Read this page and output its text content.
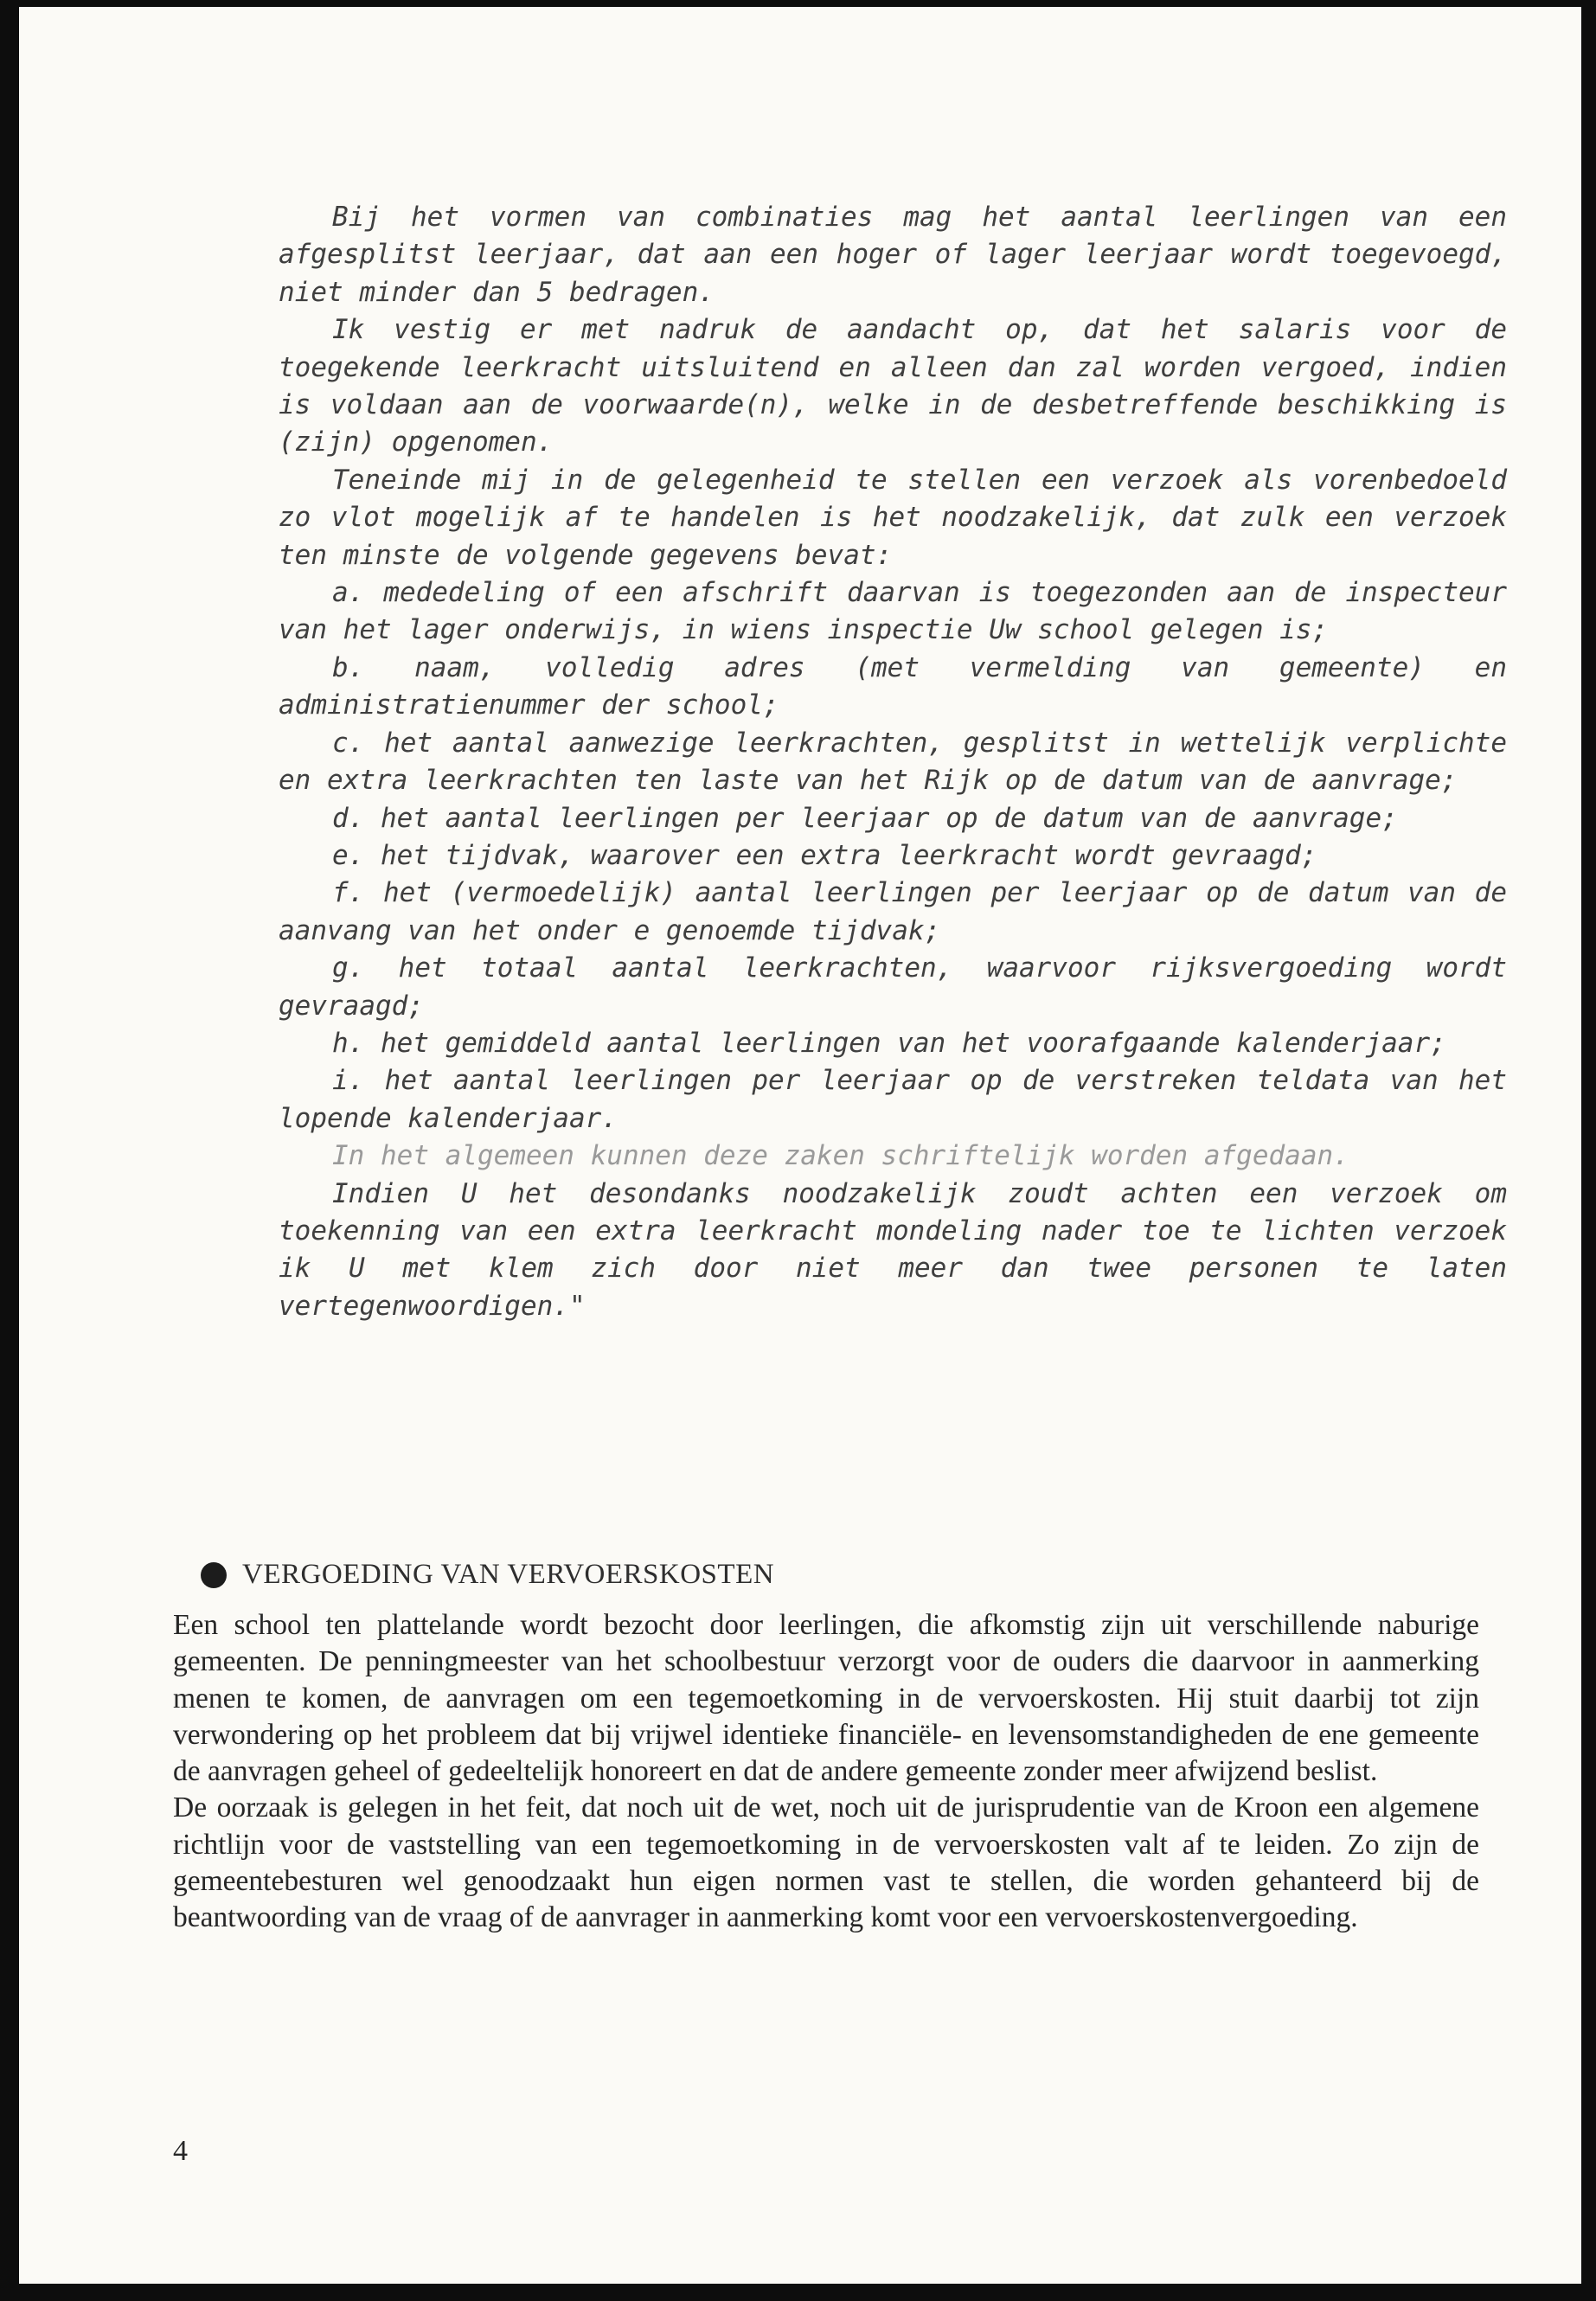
Bij het vormen van combinaties mag het aantal leerlingen van een afgesplitst leerjaar, dat aan een hoger of lager leerjaar wordt toegevoegd, niet minder dan 5 bedragen.

Ik vestig er met nadruk de aandacht op, dat het salaris voor de toegekende leerkracht uitsluitend en alleen dan zal worden vergoed, indien is voldaan aan de voorwaarde(n), welke in de desbetreffende beschikking is (zijn) opgenomen.

Teneinde mij in de gelegenheid te stellen een verzoek als vorenbedoeld zo vlot mogelijk af te handelen is het noodzakelijk, dat zulk een verzoek ten minste de volgende gegevens bevat:

a. mededeling of een afschrift daarvan is toegezonden aan de inspecteur van het lager onderwijs, in wiens inspectie Uw school gelegen is;

b. naam, volledig adres (met vermelding van gemeente) en administratienummer der school;

c. het aantal aanwezige leerkrachten, gesplitst in wettelijk verplichte en extra leerkrachten ten laste van het Rijk op de datum van de aanvrage;

d. het aantal leerlingen per leerjaar op de datum van de aanvrage;

e. het tijdvak, waarover een extra leerkracht wordt gevraagd;

f. het (vermoedelijk) aantal leerlingen per leerjaar op de datum van de aanvang van het onder e genoemde tijdvak;

g. het totaal aantal leerkrachten, waarvoor rijksvergoeding wordt gevraagd;

h. het gemiddeld aantal leerlingen van het voorafgaande kalenderjaar;

i. het aantal leerlingen per leerjaar op de verstreken teldata van het lopende kalenderjaar.

In het algemeen kunnen deze zaken schriftelijk worden afgedaan.

Indien U het desondanks noodzakelijk zoudt achten een verzoek om toekenning van een extra leerkracht mondeling nader toe te lichten verzoek ik U met klem zich door niet meer dan twee personen te laten vertegenwoordigen."

VERGOEDING VAN VERVOERSKOSTEN

Een school ten plattelande wordt bezocht door leerlingen, die afkomstig zijn uit verschillende naburige gemeenten. De penningmeester van het schoolbestuur verzorgt voor de ouders die daarvoor in aanmerking menen te komen, de aanvragen om een tegemoetkoming in de vervoerskosten. Hij stuit daarbij tot zijn verwondering op het probleem dat bij vrijwel identieke financiële- en levensomstandigheden de ene gemeente de aanvragen geheel of gedeeltelijk honoreert en dat de andere gemeente zonder meer afwijzend beslist.

De oorzaak is gelegen in het feit, dat noch uit de wet, noch uit de jurisprudentie van de Kroon een algemene richtlijn voor de vaststelling van een tegemoetkoming in de vervoerskosten valt af te leiden. Zo zijn de gemeentebesturen wel genoodzaakt hun eigen normen vast te stellen, die worden gehanteerd bij de beantwoording van de vraag of de aanvrager in aanmerking komt voor een vervoerskostenvergoeding.

4
